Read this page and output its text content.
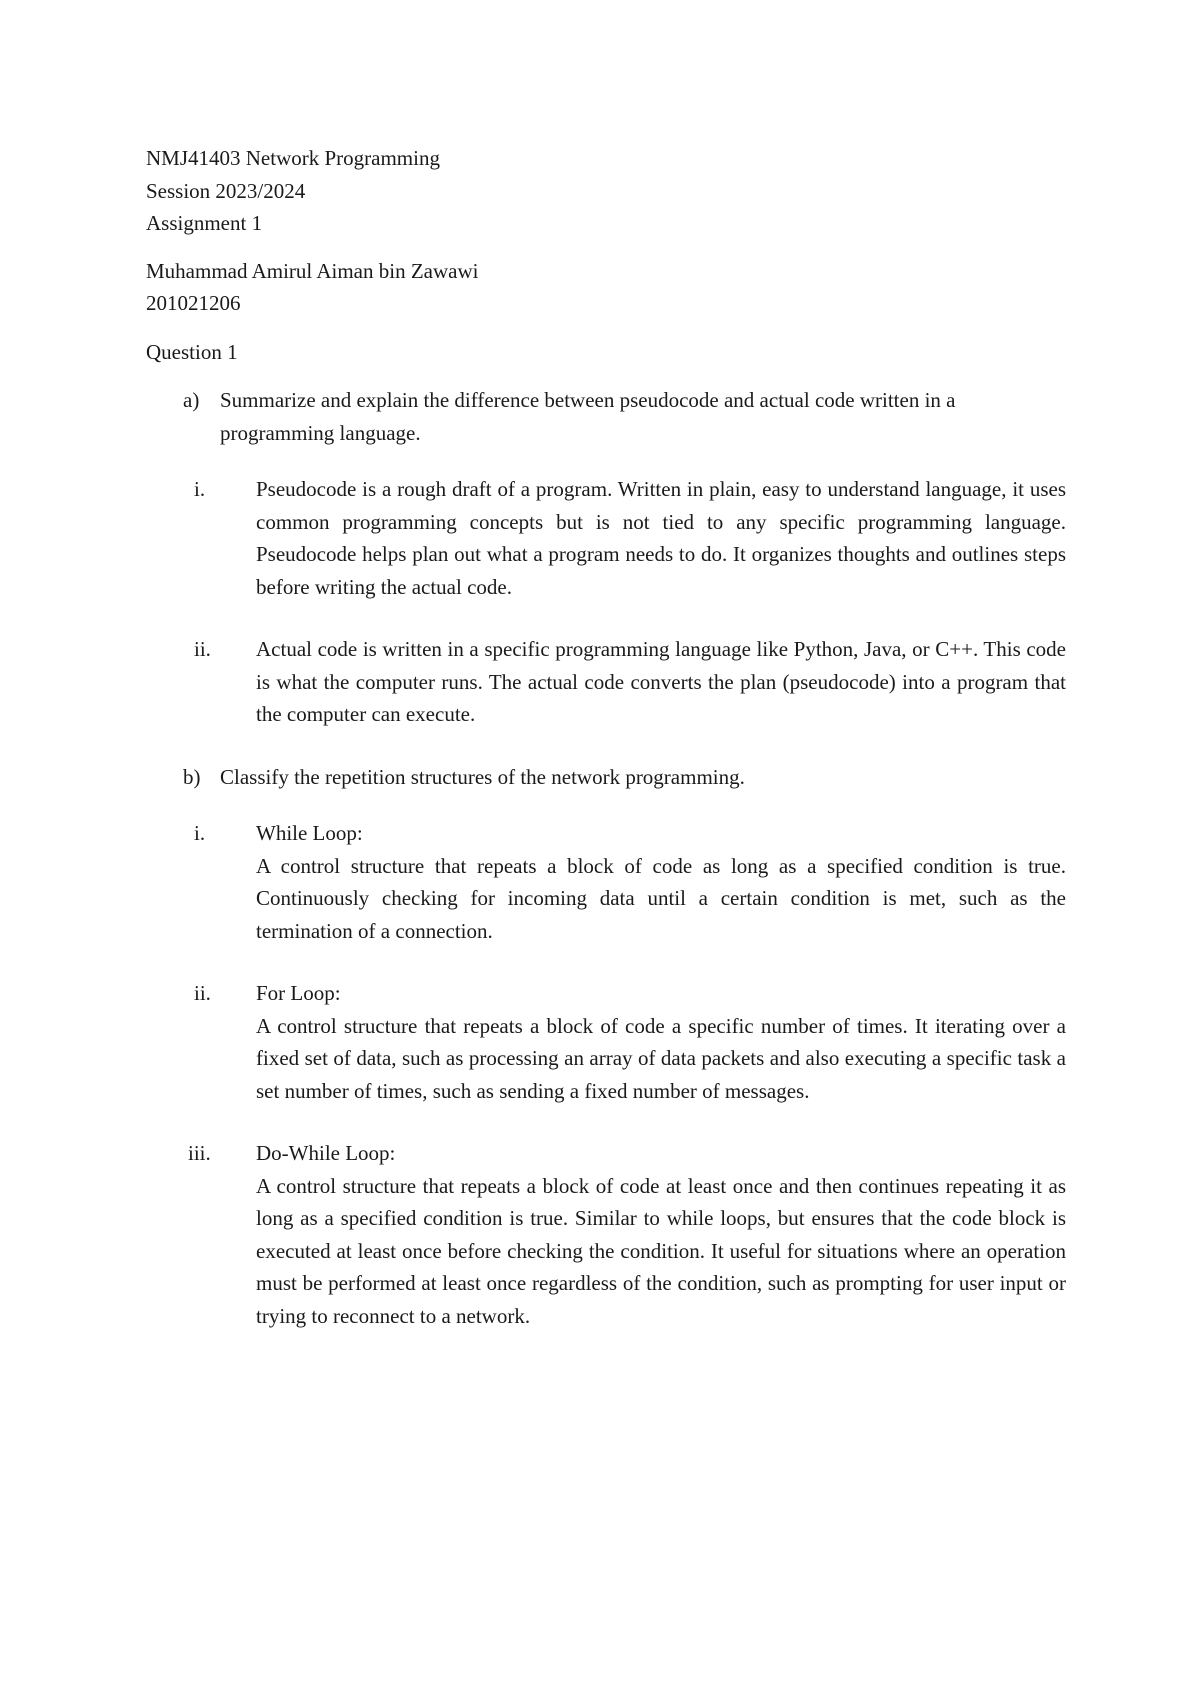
NMJ41403 Network Programming
Session 2023/2024
Assignment 1
Muhammad Amirul Aiman bin Zawawi
201021206
Question 1
a) Summarize and explain the difference between pseudocode and actual code written in a programming language.
i.	Pseudocode is a rough draft of a program. Written in plain, easy to understand language, it uses common programming concepts but is not tied to any specific programming language. Pseudocode helps plan out what a program needs to do. It organizes thoughts and outlines steps before writing the actual code.
ii.	Actual code is written in a specific programming language like Python, Java, or C++. This code is what the computer runs. The actual code converts the plan (pseudocode) into a program that the computer can execute.
b) Classify the repetition structures of the network programming.
i.	While Loop:
A control structure that repeats a block of code as long as a specified condition is true. Continuously checking for incoming data until a certain condition is met, such as the termination of a connection.
ii.	For Loop:
A control structure that repeats a block of code a specific number of times. It iterating over a fixed set of data, such as processing an array of data packets and also executing a specific task a set number of times, such as sending a fixed number of messages.
iii.	Do-While Loop:
A control structure that repeats a block of code at least once and then continues repeating it as long as a specified condition is true. Similar to while loops, but ensures that the code block is executed at least once before checking the condition. It useful for situations where an operation must be performed at least once regardless of the condition, such as prompting for user input or trying to reconnect to a network.
